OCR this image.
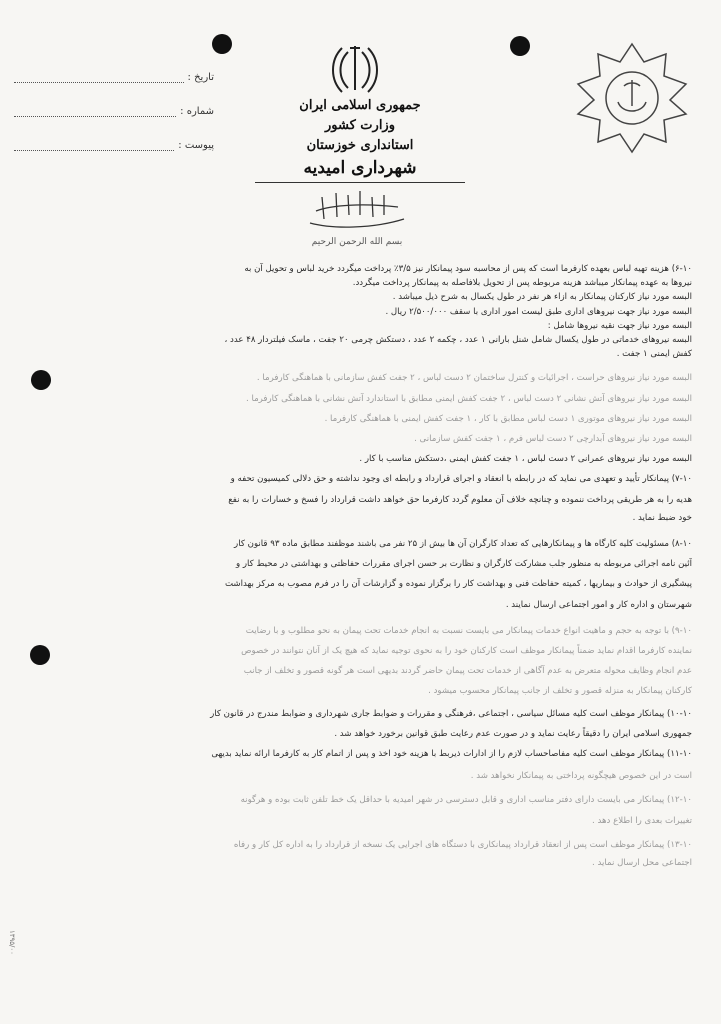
تاریخ :
شماره :
پیوست :
جمهوری اسلامی ایران
وزارت کشور
استانداری خوزستان
شهرداری امیدیه
بسم الله الرحمن الرحیم

۶-۱۰) هزینه تهیه لباس بعهده کارفرما است که پس از محاسبه سود پیمانکار نیز ۳/۵٪ پرداخت میگردد خرید لباس و تحویل آن به

نیروها به عهده پیمانکار میباشد هزینه مربوطه پس از تحویل بلافاصله به پیمانکار پرداخت میگردد.

البسه مورد نیاز کارکنان پیمانکار به ازاء هر نفر در طول یکسال به شرح ذیل میباشد .

البسه مورد نیاز جهت نیروهای اداری طبق لیست امور اداری با سقف ۲/۵۰۰/۰۰۰ ریال .

البسه مورد نیاز جهت نقیه نیروها شامل :

البسه نیروهای خدماتی در طول یکسال شامل شنل بارانی ۱ عدد ، چکمه ۲ عدد ، دستکش چرمی ۲۰ جفت ، ماسک فیلتردار ۴۸ عدد ،

کفش ایمنی ۱ جفت .

البسه مورد نیاز نیروهای حراست ، اجرائیات و کنترل ساختمان ۲ دست لباس ، ۲ جفت کفش سازمانی با هماهنگی کارفرما .

البسه مورد نیاز نیروهای آتش نشانی ۲ دست لباس ، ۲ جفت کفش ایمنی مطابق با استاندارد آتش نشانی با هماهنگی کارفرما .

البسه مورد نیاز نیروهای موتوری ۱ دست لباس مطابق با کار ، ۱ جفت کفش ایمنی با هماهنگی کارفرما .

البسه مورد نیاز نیروهای آبدارچی ۲ دست لباس فرم ، ۱ جفت کفش سازمانی .

البسه مورد نیاز نیروهای عمرانی ۲ دست لباس ، ۱ جفت کفش ایمنی ،دستکش مناسب با کار .

۷-۱۰) پیمانکار تأیید و تعهدی می نماید که در رابطه با انعقاد و اجرای قرارداد و رابطه ای وجود نداشته و حق دلالی کمیسیون تحفه و

هدیه را به هر طریقی پرداخت ننموده و چنانچه خلاف آن معلوم گردد کارفرما حق خواهد داشت قرارداد را فسخ و خسارات را به نفع

خود ضبط نماید .

۸-۱۰) مسئولیت کلیه کارگاه ها و پیمانکارهایی که تعداد کارگران آن ها بیش از ۲۵ نفر می باشند موظفند مطابق ماده ۹۳ قانون کار

آئین نامه اجرائی مربوطه به منظور جلب مشارکت کارگران و نظارت بر حسن اجرای مقررات حفاظتی و بهداشتی در محیط کار و

پیشگیری از حوادث و بیماریها ، کمیته حفاظت فنی و بهداشت کار را برگزار نموده و گزارشات آن را در فرم مصوب به مرکز بهداشت

شهرستان و اداره کار و امور اجتماعی ارسال نمایند .

۹-۱۰) با توجه به حجم و ماهیت انواع خدمات پیمانکار می بایست نسبت به انجام خدمات تحت پیمان به نحو مطلوب و با رضایت

نماینده کارفرما اقدام نماید ضمناً پیمانکار موظف است کارکنان خود را به نحوی توجیه نماید که هیچ یک از آنان نتوانند در خصوص

عدم انجام وظایف محوله متعرض به عدم آگاهی از خدمات تحت پیمان حاضر گردند بدیهی است هر گونه قصور و تخلف از جانب

کارکنان پیمانکار به منزله قصور و تخلف از جانب پیمانکار محسوب میشود .

۱۰-۱۰) پیمانکار موظف است کلیه مسائل سیاسی ، اجتماعی ،فرهنگی و مقررات و ضوابط جاری شهرداری و ضوابط مندرج در قانون کار

جمهوری اسلامی ایران را دقیقاً رعایت نماید و در صورت عدم رعایت طبق قوانین برخورد خواهد شد .

۱۱-۱۰) پیمانکار موظف است کلیه مفاصاحساب لازم را از ادارات ذیربط با هزینه خود اخذ و پس از اتمام کار به کارفرما ارائه نماید بدیهی

است در این خصوص هیچگونه پرداختی به پیمانکار نخواهد شد .

۱۲-۱۰) پیمانکار می بایست دارای دفتر مناسب اداری و قابل دسترسی در شهر امیدیه با حداقل یک خط تلفن ثابت بوده و هرگونه

تغییرات بعدی را اطلاع دهد .

۱۳-۱۰) پیمانکار موظف است پس از انعقاد قرارداد پیمانکاری با دستگاه های اجرایی یک نسخه از قرارداد را به اداره کل کار و رفاه

اجتماعی محل ارسال نماید .

۱۳۹۵/۰۰
